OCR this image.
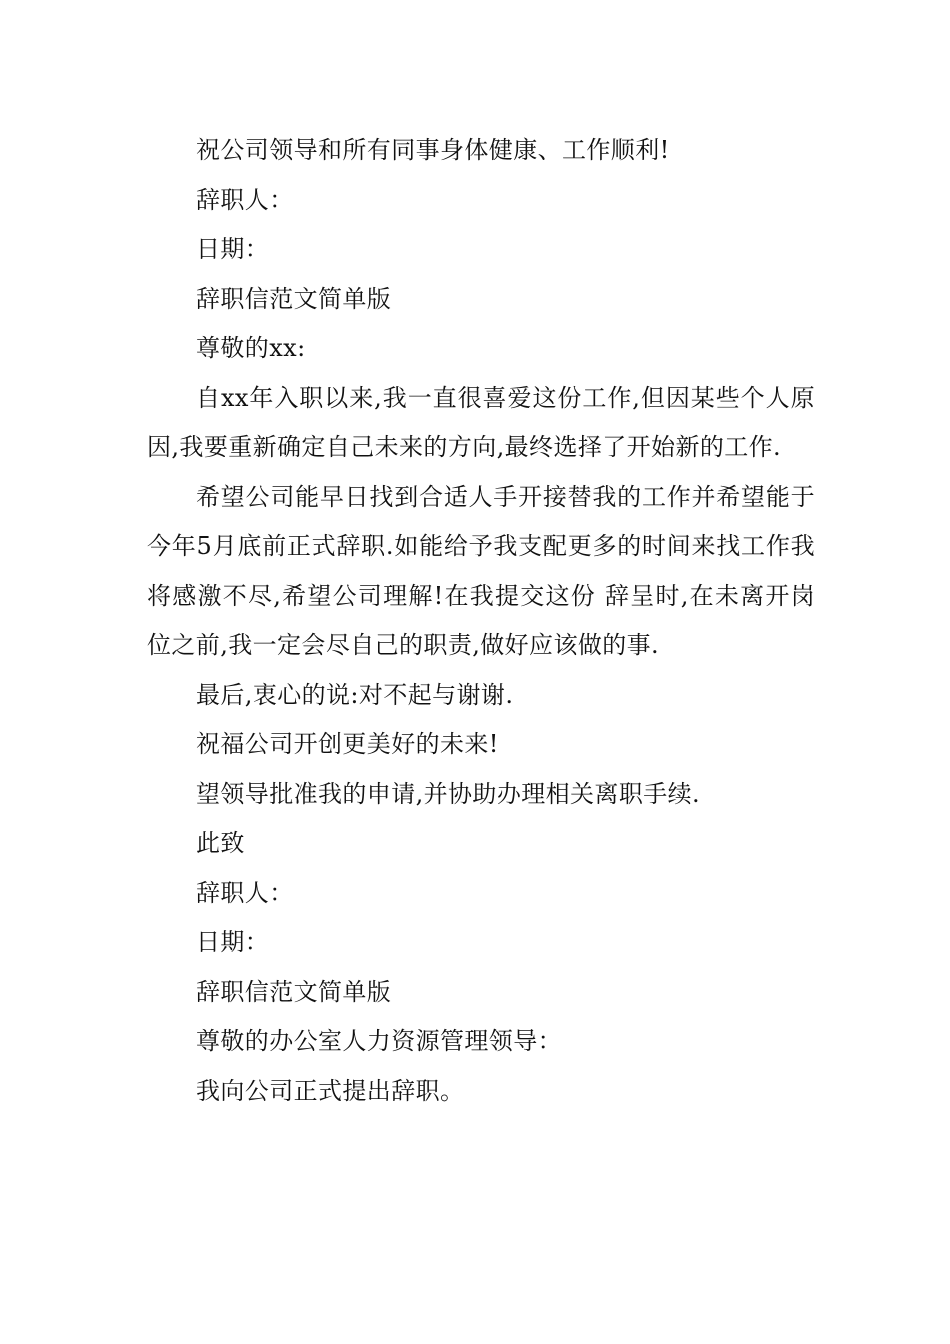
祝公司领导和所有同事身体健康、工作顺利!

辞职人：

日期：

辞职信范文简单版

尊敬的xx:

自xx年入职以来,我一直很喜爱这份工作,但因某些个人原因,我要重新确定自己未来的方向,最终选择了开始新的工作.

希望公司能早日找到合适人手开接替我的工作并希望能于今年5月底前正式辞职.如能给予我支配更多的时间来找工作我将感激不尽,希望公司理解!在我提交这份 辞呈时,在未离开岗位之前,我一定会尽自己的职责,做好应该做的事.

最后,衷心的说:对不起与谢谢.

祝福公司开创更美好的未来!

望领导批准我的申请,并协助办理相关离职手续.

此致

辞职人：

日期：

辞职信范文简单版

尊敬的办公室人力资源管理领导：

我向公司正式提出辞职。
